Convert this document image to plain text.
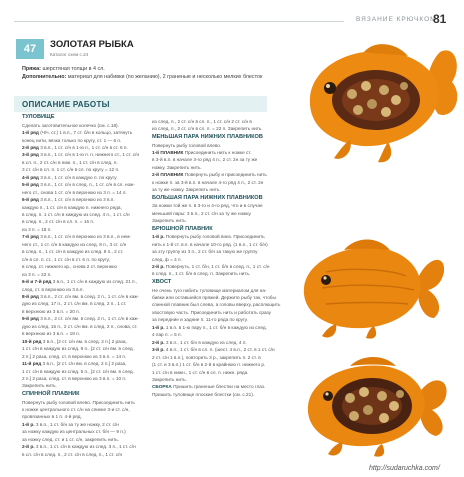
ВЯЗАНИЕ КРЮЧКОМ
81
47	ЗОЛОТАЯ РЫБКА
Каталог схем с.24
Пряжа: шерстяная толщи в 4 сл.
Дополнительно: материал для набивки (по желанию), 2 граненые и несколько мелких блесток
ОПИСАНИЕ РАБОТЫ

ТУЛОВИЩЕ

Сделать заготовительное колечко (см. с.18).

1-й ряд (Ч/ч. ст.) 1 в.п., 7 ст. б/н в кольцо, затянуть

конец нити, вязка только по кругу, ст. 1 — 6 п.

2-й ряд 3 в.п., 1 ст. с/н в 1-ю п., 1 ст. с/н в ст. 6 п.

3-й ряд 3 в.п., 1 ст. с/н в 1-ю п. п. нижнего ст., 1 ст. с/н

в сл. п., 2 ст. с/н в ниж. п., 1 ст. с/н в след. п.

3 ст. с/н в сл. п. 1 ст. с/н в сл. по кругу = 12 п.

4-й ряд 3 в.п., 1 ст. с/н в каждую п. по кругу

5-й ряд 3 в.п., 1 ст. с/н в след. п., 1 ст. с/н в сл. нож-

него ст., снова 1 ст. с/н в верхнюю из 3 п. = 14 п.

6-й ряд 3 в.п., 1 ст. с/н в верхнюю из 3 в.п.

каждую п., 1 ст. с/н в каждую п. нижнего ряда,

в след. п. 1 ст. с/н в каждую из след. 4 п., 1 ст. с/н

в след. п., 2 ст. с/н в сл. п. = 16 п.

из 3 п. = 18 п.

7-й ряд 3 в.п., 1 ст. с/н в верхнюю из 3 в.п., в нем-

него ст., 1 ст. с/н в каждую из след. 8 п., 3 ст. с/н

в след. п., 1 ст. с/н в каждую из след. 8 п., 2 ст.

с/н в сл. п. ст., 1 ст. с/н в ст. 6 п. по кругу,

в след. ст. нижнего кр., снова 2 ст. верхнюю

из 3 п. = 22 п.

6-й и 7-й ряд 3 в.п., 1 ст. с/н в каждую из след. 21 п.,

след. ст. в верхнюю из 3 в.п.

8-й ряд 3 в.п., 2 ст. с/н вм. в след. 2 п., 1 ст. с/н в каж-

дую из след. 17 п., 2 ст. с/н вм. в след. 2 п., 1 ст.

в верхнюю из 3 в.п. = 20 п.

9-й ряд 3 в.п., 2 ст. с/н вм. в след. 2 п., 1 ст. с/н в каж-

дую из след. 15 п., 2 ст. с/н вм. в след. 2 п., снова, ст.

в верхнюю из 3 в.п. = 18 п.

10-й ряд 3 в.п., [2 ст. с/н вм. в след. 2 п.] 2 раза,

1 ст. с/н в каждую из след. 9 п., [2 ст. с/н вм. в след.

2 п.] 2 раза, след. ст. в верхнюю из 3 в.п. = 14 п.

11-й ряд 3 в.п., [2 ст. с/н вм. в след. 2 п.] 2 раза,

1 ст. с/н в каждую из след. 5 п., [2 ст. с/н вм. в след.

2 п.] 2 раза, след. ст. в верхнюю из 3 в.п. = 10 п.

Закрепить нить.

СПИННОЙ ПЛАВНИК

Повернуть рыбу головой влево. Присоединить нить

к ножке центрального ст. с/н на спинке 3-и ст. с/н,

провязанных в 1 п. 4-й ряд.

1-й р. 3 в.п., 1 ст. б/н за ту же ножку, 2 ст. с/н

за ножку каждую из центральных ст. б/н — 9 п.)

за ножку след. ст. и 1 ст. с/н, закрепить нить.

2-й р. 3 в.п., 1 ст. с/н в каждую из след. 3 п., 1 ст. с/н

в сл. с/н в след. п., 2 ст. с/н в след. п., 1 ст. с/н

из след. п., 2 ст. с/н в сл. п., 1 ст. с/н 2 ст. с/н в

из след. п., 2 ст. с/н в сл. п. = 22 п. Закрепить нить.

МЕНЬШАЯ ПАРА НИЖНИХ ПЛАВНИКОВ

Повернуть рыбу головой влево.

1-й ПЛАВНИК Присоединить нить к ножке ст.

в 3-й в.п. в начале 3-го ряд 4 п., 2 ст. 2н за ту же

ножку. Закрепить нить.

2-й ПЛАВНИК Повернуть рыбу и присоединить нить

к ножке п. за 3-й в.п. в начале 4-го ряд 4 п., 2 ст. 2н

за ту же ножку. Закрепить нить.

БОЛЬШАЯ ПАРА НИЖНИХ ПЛАВНИКОВ

За ножки той же п. в 3-го и 4-го ряд, что и в случае

меньшей пары: 3 в.п., 2 ст. с/н за ту же ножку.

Закрепить нить.

БРЮШНОЙ ПЛАВНИК

1-й р. Повернуть рыбу головой вниз. Присоединить

нить к 1-й ст. в.п. в начале 10-го ряд. (1 в.п., 1 ст. б/н)

за эту группу из 3 п., 2 ст. б/н за такую же группу

след. ф = 4 п.

2-й р. Повернуть, 1 ст. б/н, 1 ст. б/н в след. п., 1 ст. с/н

в след. п., 1 ст. б/н в след. п. Закрепить нить.

ХВОСТ

Не очень туго набить туловище материалом для на-

бивки или оставшейся пряжей. Держите рыбу так, чтобы

спинной плавник был слева, а головы вверху, расплющить

хвостовую часть. Присоединить нить и работать сразу

за передние и задние п. 11-го ряда по кругу.

1-й р. 1 в.п. в 1-ю пару п., 1 ст. б/н в каждую из след.

4 пар п. = 5 п.

2-й р. 3 в.п., 1 ст. б/н в каждую из след. 4 п.

3-й р. 4 в.п., 1 ст. б/н в сл. п. (шест. 4 в.п., 2 ст. в 1 ст. с/н

2 ст. с/н 1 в.п.), повторить 3 р., закрепить п. 2 ст. в

(1 ст. и 3 в.п.) 1 ст. б/н в 2-й в крайнюю п. нижнего р.

1 ст. с/н в нижн., 1 ст. с/н в сл. п. нижн. ряда.

Закрепить нить.

СБОРКА Пришить граненые блестки на место глаз.

Пришить туловище плоские блестки (см. с.21).

http://sudaruchka.com/
